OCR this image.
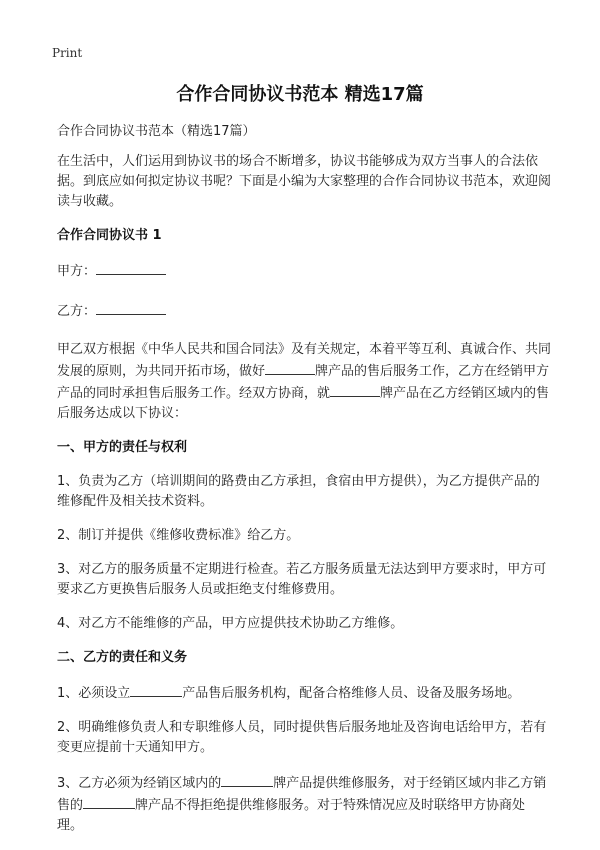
Print
合作合同协议书范本 精选17篇

合作合同协议书范本（精选17篇）

在生活中，人们运用到协议书的场合不断增多，协议书能够成为双方当事人的合法依据。到底应如何拟定协议书呢？下面是小编为大家整理的合作合同协议书范本，欢迎阅读与收藏。

合作合同协议书 1

甲方：

乙方：

甲乙双方根据《中华人民共和国合同法》及有关规定，本着平等互利、真诚合作、共同发展的原则，为共同开拓市场，做好	牌产品的售后服务工作，乙方在经销甲方产品的同时承担售后服务工作。经双方协商，就	牌产品在乙方经销区域内的售后服务达成以下协议：

一、甲方的责任与权利

1、负责为乙方（培训期间的路费由乙方承担，食宿由甲方提供），为乙方提供产品的维修配件及相关技术资料。

2、制订并提供《维修收费标准》给乙方。

3、对乙方的服务质量不定期进行检查。若乙方服务质量无法达到甲方要求时，甲方可要求乙方更换售后服务人员或拒绝支付维修费用。

4、对乙方不能维修的产品，甲方应提供技术协助乙方维修。

二、乙方的责任和义务

1、必须设立	产品售后服务机构，配备合格维修人员、设备及服务场地。

2、明确维修负责人和专职维修人员，同时提供售后服务地址及咨询电话给甲方，若有变更应提前十天通知甲方。

3、乙方必须为经销区域内的	牌产品提供维修服务，对于经销区域内非乙方销售的	牌产品不得拒绝提供维修服务。对于特殊情况应及时联络甲方协商处理。
